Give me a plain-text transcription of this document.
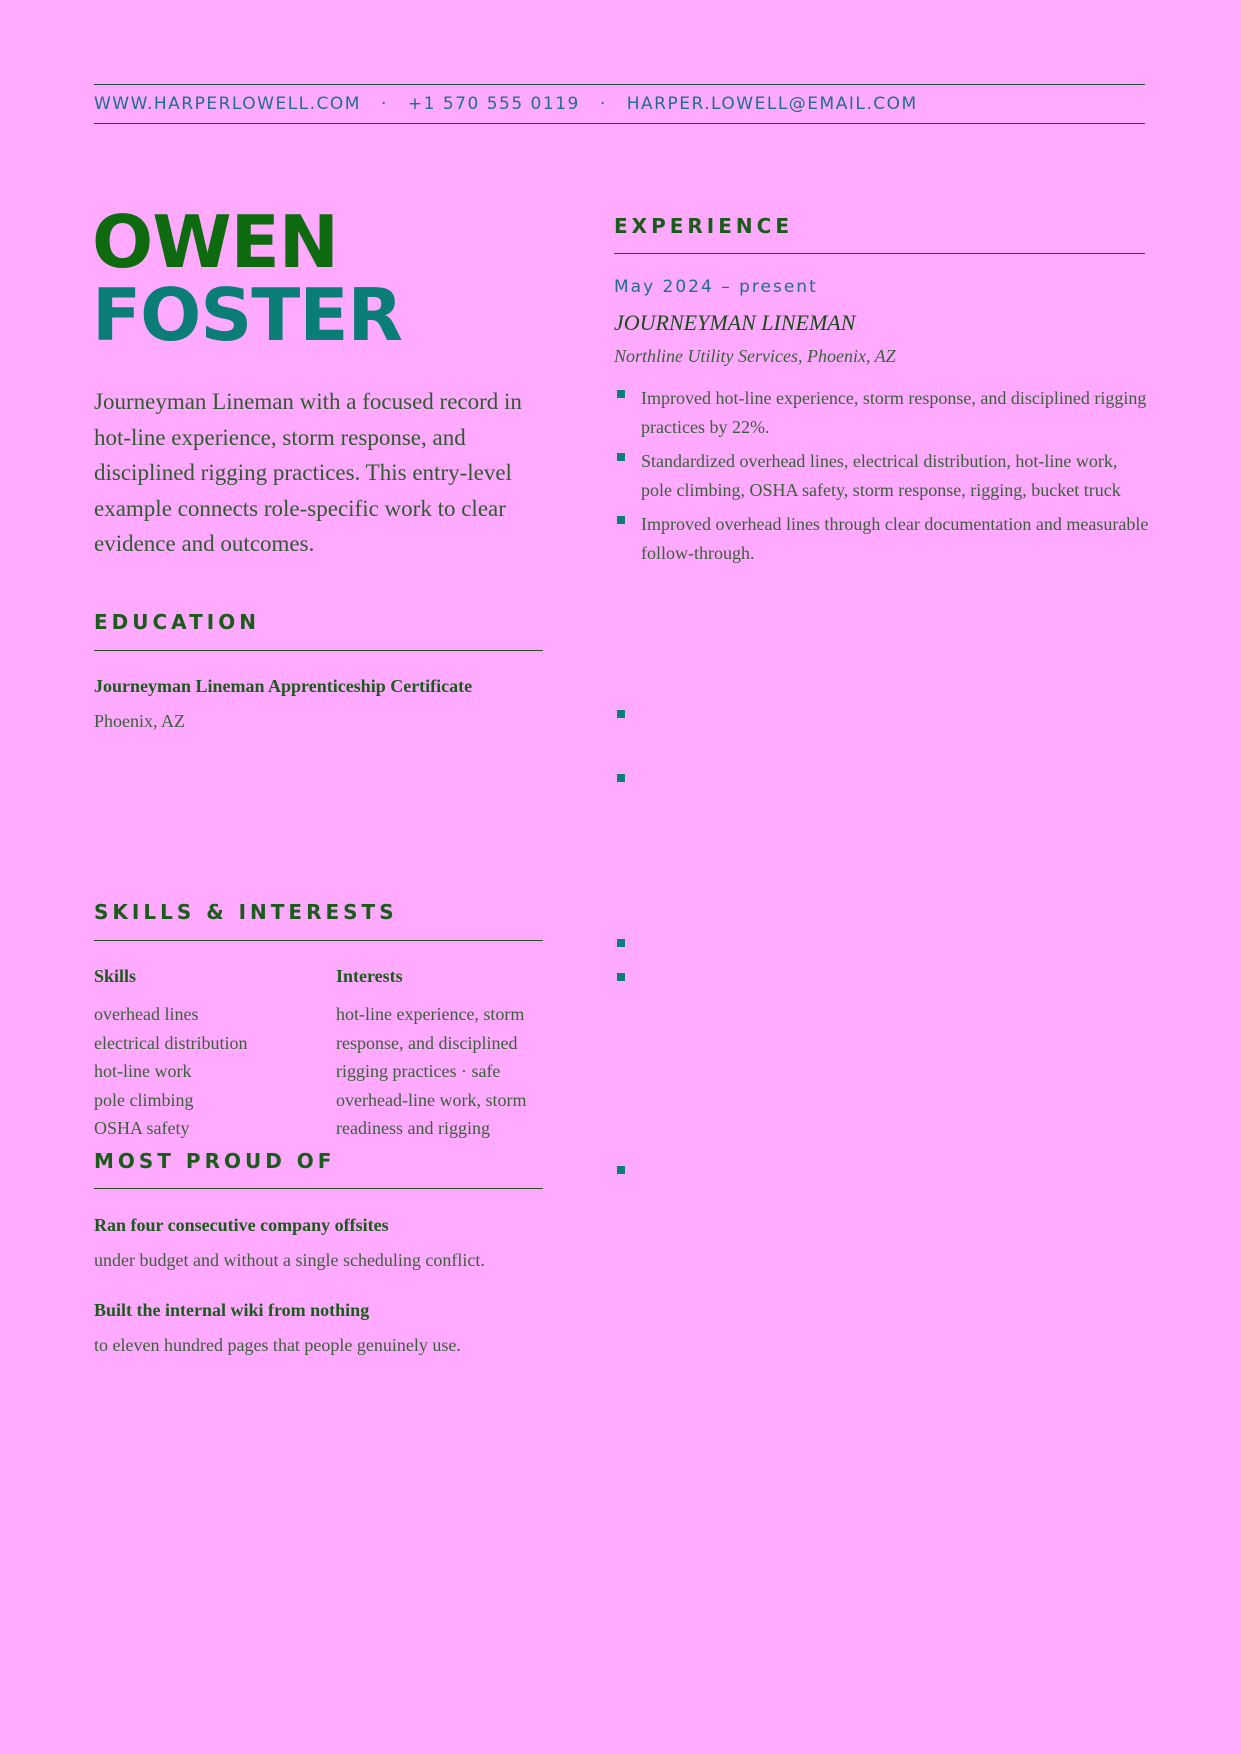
WWW.HARPERLOWELL.COM · +1 570 555 0119 · HARPER.LOWELL@EMAIL.COM
OWEN
FOSTER
Journeyman Lineman with a focused record in hot-line experience, storm response, and disciplined rigging practices. This entry-level example connects role-specific work to clear evidence and outcomes.
EDUCATION
Journeyman Lineman Apprenticeship Certificate
Phoenix, AZ
SKILLS & INTERESTS
Skills	Interests
overhead lines
electrical distribution
hot-line work
pole climbing
OSHA safety
hot-line experience, storm response, and disciplined rigging practices · safe overhead-line work, storm readiness and rigging
MOST PROUD OF
Ran four consecutive company offsites
under budget and without a single scheduling conflict.
Built the internal wiki from nothing
to eleven hundred pages that people genuinely use.
EXPERIENCE
May 2024 – present
JOURNEYMAN LINEMAN
Northline Utility Services, Phoenix, AZ
Improved hot-line experience, storm response, and disciplined rigging practices by 22%.
Standardized overhead lines, electrical distribution, hot-line work, pole climbing, OSHA safety, storm response, rigging, bucket truck
Improved overhead lines through clear documentation and measurable follow-through.
